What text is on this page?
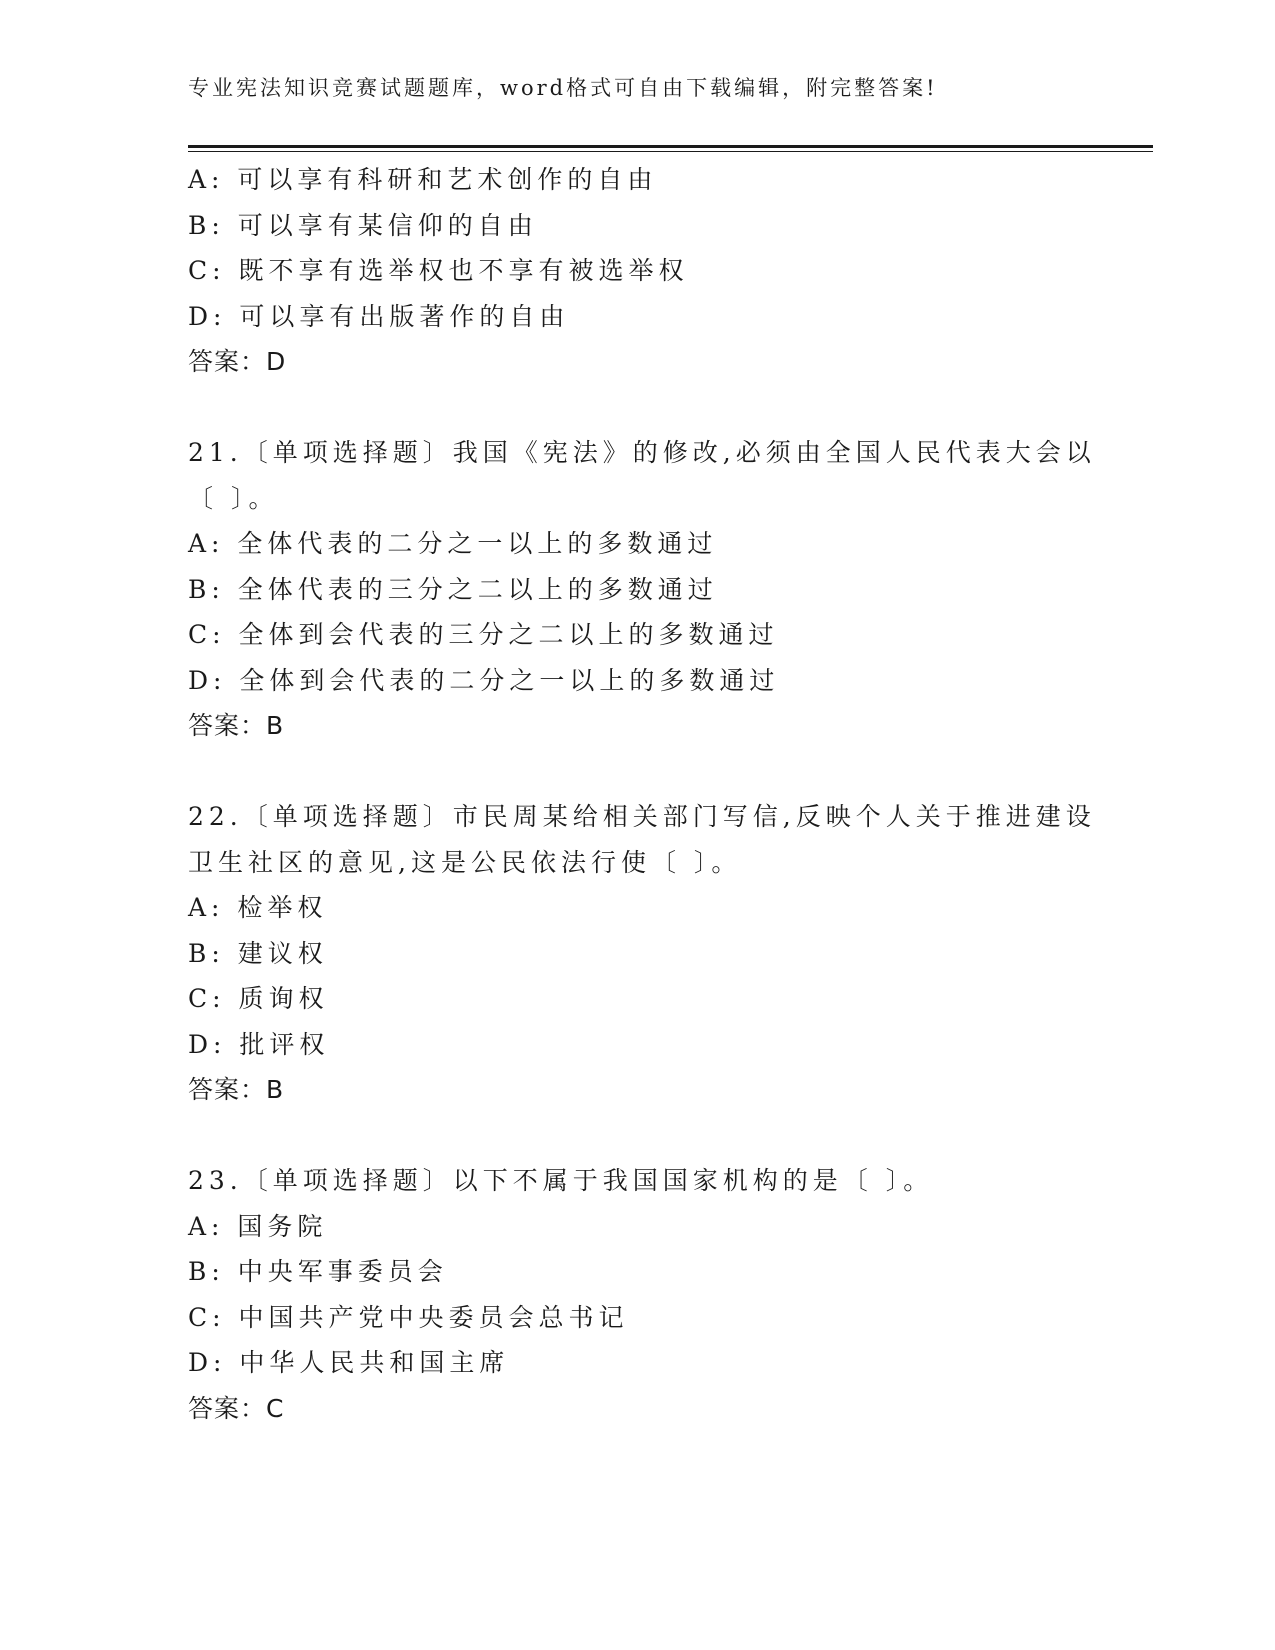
专业宪法知识竞赛试题题库，word格式可自由下载编辑，附完整答案!
A: 可以享有科研和艺术创作的自由
B: 可以享有某信仰的自由
C: 既不享有选举权也不享有被选举权
D: 可以享有出版著作的自由
答案：D
21.〔单项选择题〕我国《宪法》的修改,必须由全国人民代表大会以
〔 〕。
A: 全体代表的二分之一以上的多数通过
B: 全体代表的三分之二以上的多数通过
C: 全体到会代表的三分之二以上的多数通过
D: 全体到会代表的二分之一以上的多数通过
答案：B
22.〔单项选择题〕市民周某给相关部门写信,反映个人关于推进建设
卫生社区的意见,这是公民依法行使〔 〕。
A: 检举权
B: 建议权
C: 质询权
D: 批评权
答案：B
23.〔单项选择题〕以下不属于我国国家机构的是〔 〕。
A: 国务院
B: 中央军事委员会
C: 中国共产党中央委员会总书记
D: 中华人民共和国主席
答案：C
